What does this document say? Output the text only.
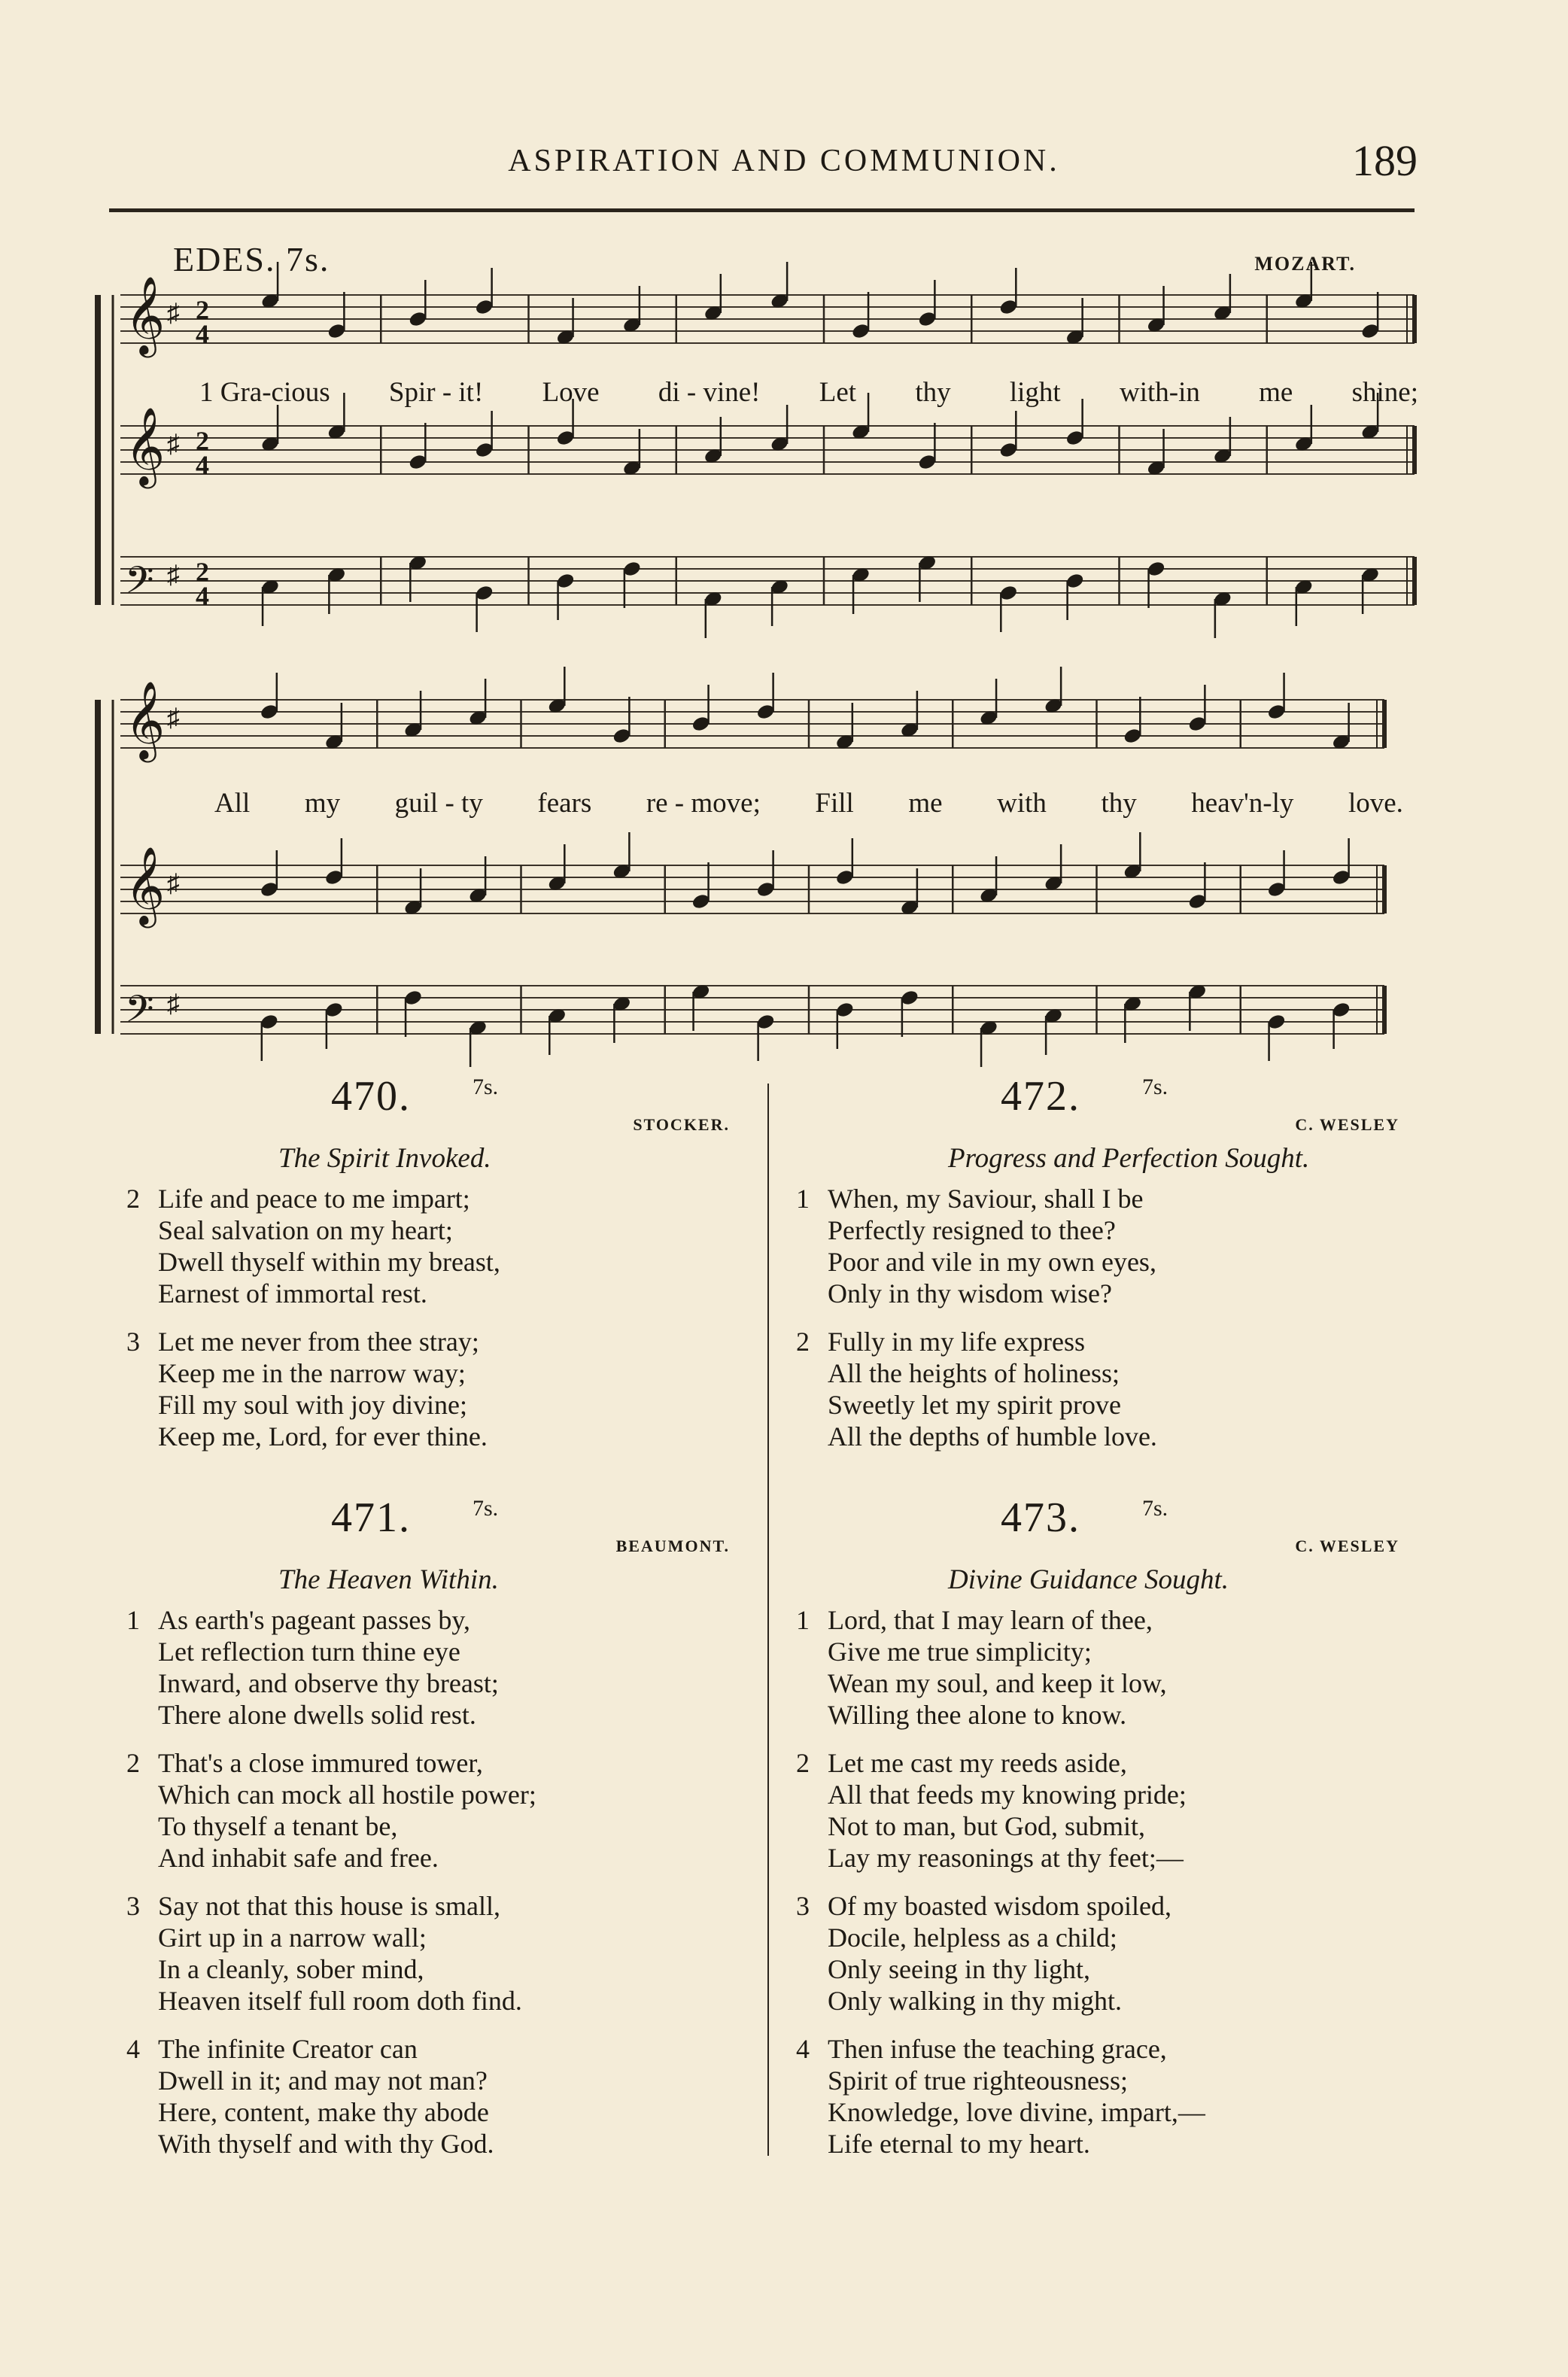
ASPIRATION AND COMMUNION.	189
EDES. 7s.	MOZART.
𝄞 ♯ 2
4
𝄞 ♯ 2
4
𝄢 ♯ 2
4
𝄞 ♯
𝄞 ♯
𝄢 ♯
1 Gra-cious Spir - it! Love di - vine! Let thy light with-in me shine;
All my guil - ty fears re - move; Fill me with thy heav'n-ly love.
470.	7s.
STOCKER.
The Spirit Invoked.
2 Life and peace to me impart;
Seal salvation on my heart;
Dwell thyself within my breast,
Earnest of immortal rest.
3 Let me never from thee stray;
Keep me in the narrow way;
Fill my soul with joy divine;
Keep me, Lord, for ever thine.
471.	7s.
BEAUMONT.
The Heaven Within.
1 As earth's pageant passes by,
Let reflection turn thine eye
Inward, and observe thy breast;
There alone dwells solid rest.
2 That's a close immured tower,
Which can mock all hostile power;
To thyself a tenant be,
And inhabit safe and free.
3 Say not that this house is small,
Girt up in a narrow wall;
In a cleanly, sober mind,
Heaven itself full room doth find.
4 The infinite Creator can
Dwell in it; and may not man?
Here, content, make thy abode
With thyself and with thy God.
472.	7s.
C. WESLEY
Progress and Perfection Sought.
1 When, my Saviour, shall I be
Perfectly resigned to thee?
Poor and vile in my own eyes,
Only in thy wisdom wise?
2 Fully in my life express
All the heights of holiness;
Sweetly let my spirit prove
All the depths of humble love.
473.	7s.
C. WESLEY
Divine Guidance Sought.
1 Lord, that I may learn of thee,
Give me true simplicity;
Wean my soul, and keep it low,
Willing thee alone to know.
2 Let me cast my reeds aside,
All that feeds my knowing pride;
Not to man, but God, submit,
Lay my reasonings at thy feet;—
3 Of my boasted wisdom spoiled,
Docile, helpless as a child;
Only seeing in thy light,
Only walking in thy might.
4 Then infuse the teaching grace,
Spirit of true righteousness;
Knowledge, love divine, impart,—
Life eternal to my heart.
